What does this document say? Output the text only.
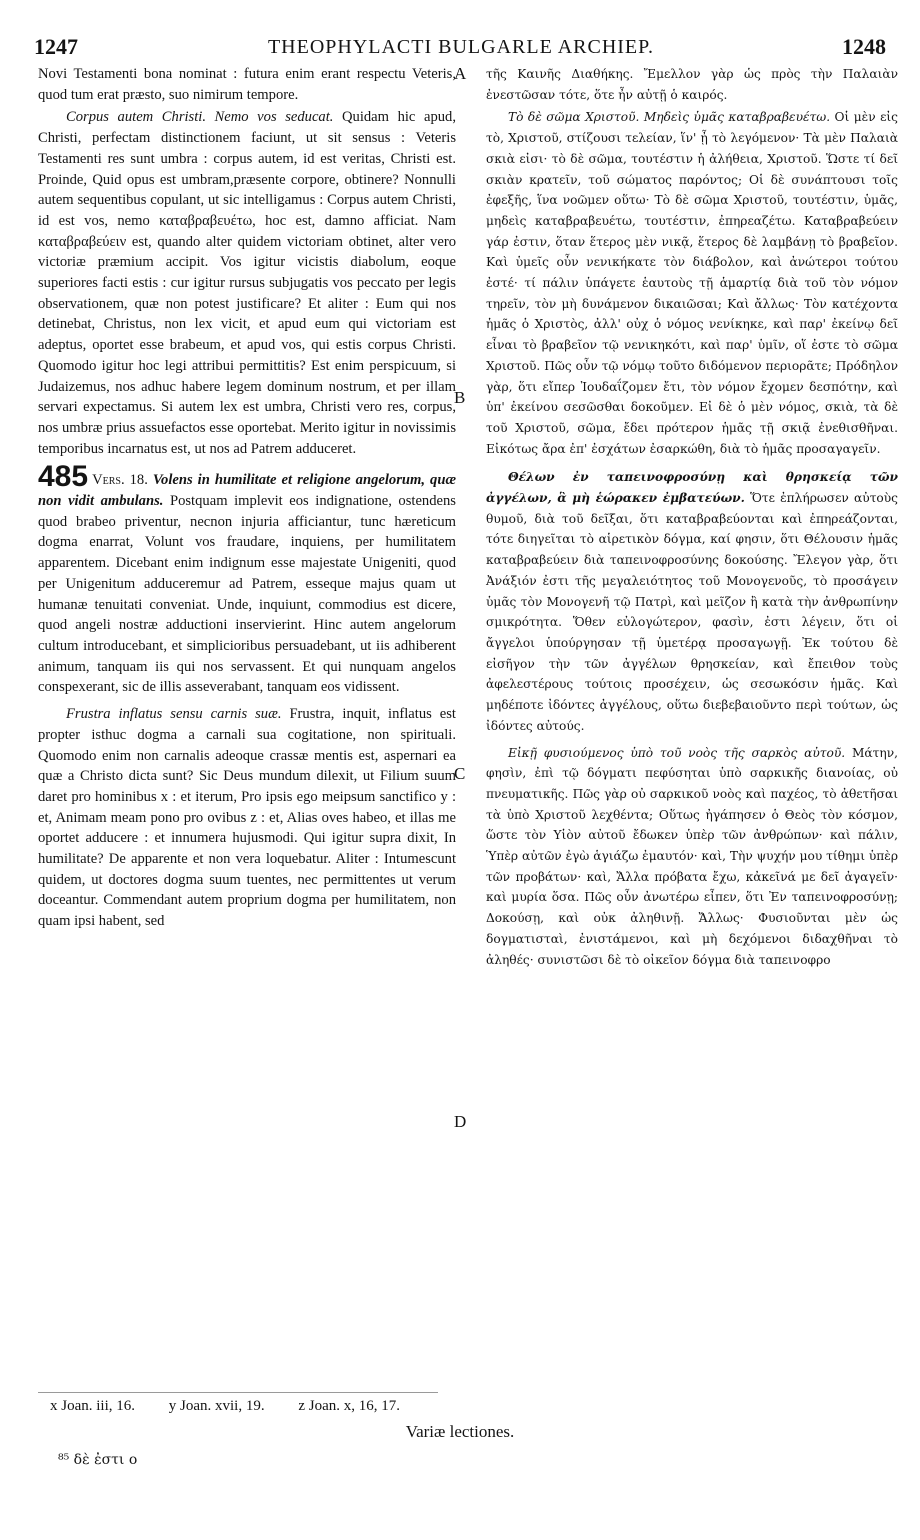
1247	THEOPHYLACTI BULGARLE ARCHIEP.	1248
A
B
C
D

Novi Testamenti bona nominat : futura enim erant respectu Veteris, quod tum erat præsto, suo nimirum tempore.

Corpus autem Christi. Nemo vos seducat. Quidam hic apud, Christi, perfectam distinctionem faciunt, ut sit sensus : Veteris Testamenti res sunt umbra : corpus autem, id est veritas, Christi est. Proinde, Quid opus est umbram,præsente corpore, obtinere? Nonnulli autem sequentibus copulant, ut sic intelligamus : Corpus autem Christi, id est vos, nemo καταβραβευέτω, hoc est, damno afficiat. Nam καταβραβεύειν est, quando alter quidem victoriam obtinet, alter vero victoriæ præmium accipit. Vos igitur vicistis diabolum, eoque superiores facti estis : cur igitur rursus subjugatis vos peccato per legis observationem, quæ non potest justificare? Et aliter : Eum qui nos detinebat, Christus, non lex vicit, et apud eum qui victoriam est adeptus, oportet esse brabeum, et apud vos, qui estis corpus Christi. Quomodo igitur hoc legi attribui permittitis? Est enim perspicuum, si Judaizemus, nos adhuc habere legem dominum nostrum, et per illam servari expectamus. Si autem lex est umbra, Christi vero res, corpus, nos umbræ prius assuefactos esse oportebat. Merito igitur in novissimis temporibus incarnatus est, ut nos ad Patrem adduceret.

485 Vers. 18. Volens in humilitate et religione angelorum, quæ non vidit ambulans. Postquam implevit eos indignatione, ostendens quod brabeo priventur, necnon injuria afficiantur, tunc hæreticum dogma enarrat, Volunt vos fraudare, inquiens, per humilitatem apparentem. Dicebant enim indignum esse majestate Unigeniti, quod per Unigenitum adduceremur ad Patrem, esseque majus quam ut humanæ tenuitati conveniat. Unde, inquiunt, commodius est dicere, quod angeli nostræ adductioni inservierint. Hinc autem angelorum cultum introducebant, et simplicioribus persuadebant, ut iis adhiberent animum, tanquam iis qui nos servassent. Et qui nunquam angelos conspexerant, sic de illis asseverabant, tanquam eos vidissent.

Frustra inflatus sensu carnis suæ. Frustra, inquit, inflatus est propter isthuc dogma a carnali sua cogitatione, non spirituali. Quomodo enim non carnalis adeoque crassæ mentis est, aspernari ea quæ a Christo dicta sunt? Sic Deus mundum dilexit, ut Filium suum daret pro hominibus x : et iterum, Pro ipsis ego meipsum sanctifico y : et, Animam meam pono pro ovibus z : et, Alias oves habeo, et illas me oportet adducere : et innumera hujusmodi. Qui igitur supra dixit, In humilitate? De apparente et non vera loquebatur. Aliter : Intumescunt quidem, ut doctores dogma suum tuentes, nec permittentes ut verum doceantur. Commendant autem proprium dogma per humilitatem, non quam ipsi habent, sed

τῆς Καινῆς Διαθήκης. Ἔμελλον γὰρ ὡς πρὸς τὴν Παλαιὰν ἐνεστῶσαν τότε, ὅτε ἦν αὐτῇ ὁ καιρός.

Τὸ δὲ σῶμα Χριστοῦ. Μηδεὶς ὑμᾶς καταβραβευέτω. Οἱ μὲν εἰς τὸ, Χριστοῦ, στίζουσι τελείαν, ἵν' ᾖ τὸ λεγόμενον· Τὰ μὲν Παλαιὰ σκιὰ εἰσι· τὸ δὲ σῶμα, τουτέστιν ἡ ἀλήθεια, Χριστοῦ. Ὥστε τί δεῖ σκιὰν κρατεῖν, τοῦ σώματος παρόντος; Οἱ δὲ συνάπτουσι τοῖς ἐφεξῆς, ἵνα νοῶμεν οὕτω· Τὸ δὲ σῶμα Χριστοῦ, τουτέστιν, ὑμᾶς, μηδεὶς καταβραβευέτω, τουτέστιν, ἐπηρεαζέτω. Καταβραβεύειν γάρ ἐστιν, ὅταν ἕτερος μὲν νικᾷ, ἕτερος δὲ λαμβάνῃ τὸ βραβεῖον. Καὶ ὑμεῖς οὖν νενικήκατε τὸν διάβολον, καὶ ἀνώτεροι τούτου ἐστέ· τί πάλιν ὑπάγετε ἑαυτοὺς τῇ ἁμαρτίᾳ διὰ τοῦ τὸν νόμον τηρεῖν, τὸν μὴ δυνάμενον δικαιῶσαι; Καὶ ἄλλως· Τὸν κατέχοντα ἡμᾶς ὁ Χριστὸς, ἀλλ' οὐχ ὁ νόμος νενίκηκε, καὶ παρ' ἐκείνῳ δεῖ εἶναι τὸ βραβεῖον τῷ νενικηκότι, καὶ παρ' ὑμῖν, οἵ ἐστε τὸ σῶμα Χριστοῦ. Πῶς οὖν τῷ νόμῳ τοῦτο διδόμενον περιορᾶτε; Πρόδηλον γὰρ, ὅτι εἴπερ Ἰουδαΐζομεν ἔτι, τὸν νόμον ἔχομεν δεσπότην, καὶ ὑπ' ἐκείνου σεσῶσθαι δοκοῦμεν. Εἰ δὲ ὁ μὲν νόμος, σκιὰ, τὰ δὲ τοῦ Χριστοῦ, σῶμα, ἔδει πρότερον ἡμᾶς τῇ σκιᾷ ἐνεθισθῆναι. Εἰκότως ἄρα ἐπ' ἐσχάτων ἐσαρκώθη, διὰ τὸ ἡμᾶς προσαγαγεῖν.

Θέλων ἐν ταπεινοφροσύνῃ καὶ θρησκείᾳ τῶν ἀγγέλων, ἃ μὴ ἑώρακεν ἐμβατεύων. Ὅτε ἐπλήρωσεν αὐτοὺς θυμοῦ, διὰ τοῦ δεῖξαι, ὅτι καταβραβεύονται καὶ ἐπηρεάζονται, τότε διηγεῖται τὸ αἱρετικὸν δόγμα, καί φησιν, ὅτι Θέλουσιν ἡμᾶς καταβραβεύειν διὰ ταπεινοφροσύνης δοκούσης. Ἔλεγον γὰρ, ὅτι Ἀνάξιόν ἐστι τῆς μεγαλειότητος τοῦ Μονογενοῦς, τὸ προσάγειν ὑμᾶς τὸν Μονογενῆ τῷ Πατρὶ, καὶ μεῖζον ἢ κατὰ τὴν ἀνθρωπίνην σμικρότητα. Ὅθεν εὐλογώτερον, φασὶν, ἐστι λέγειν, ὅτι οἱ ἄγγελοι ὑπούργησαν τῇ ὑμετέρᾳ προσαγωγῇ. Ἐκ τούτου δὲ εἰσῆγον τὴν τῶν ἀγγέλων θρησκείαν, καὶ ἔπειθον τοὺς ἀφελεστέρους τούτοις προσέχειν, ὡς σεσωκόσιν ἡμᾶς. Καὶ μηδέποτε ἰδόντες ἀγγέλους, οὕτω διεβεβαιοῦντο περὶ τούτων, ὡς ἰδόντες αὐτούς.

Εἰκῇ φυσιούμενος ὑπὸ τοῦ νοὸς τῆς σαρκὸς αὐτοῦ. Μάτην, φησὶν, ἐπὶ τῷ δόγματι πεφύσηται ὑπὸ σαρκικῆς διανοίας, οὐ πνευματικῆς. Πῶς γὰρ οὐ σαρκικοῦ νοὸς καὶ παχέος, τὸ ἀθετῆσαι τὰ ὑπὸ Χριστοῦ λεχθέντα; Οὕτως ἠγάπησεν ὁ Θεὸς τὸν κόσμον, ὥστε τὸν Υἱὸν αὐτοῦ ἔδωκεν ὑπὲρ τῶν ἀνθρώπων· καὶ πάλιν, Ὑπὲρ αὐτῶν ἐγὼ ἁγιάζω ἐμαυτόν· καὶ, Τὴν ψυχήν μου τίθημι ὑπὲρ τῶν προβάτων· καὶ, Ἄλλα πρόβατα ἔχω, κἀκεῖνά με δεῖ ἀγαγεῖν· καὶ μυρία ὅσα. Πῶς οὖν ἀνωτέρω εἶπεν, ὅτι Ἐν ταπεινοφροσύνῃ; Δοκούσῃ, καὶ οὐκ ἀληθινῇ. Ἄλλως· Φυσιοῦνται μὲν ὡς δογματισταὶ, ἐνιστάμενοι, καὶ μὴ δεχόμενοι διδαχθῆναι τὸ ἀληθές· συνιστῶσι δὲ τὸ οἰκεῖον δόγμα διὰ ταπεινοφρο

x Joan. iii, 16. y Joan. xvii, 19. z Joan. x, 16, 17.
Variæ lectiones.
⁸⁵ δὲ ἐστι ο
